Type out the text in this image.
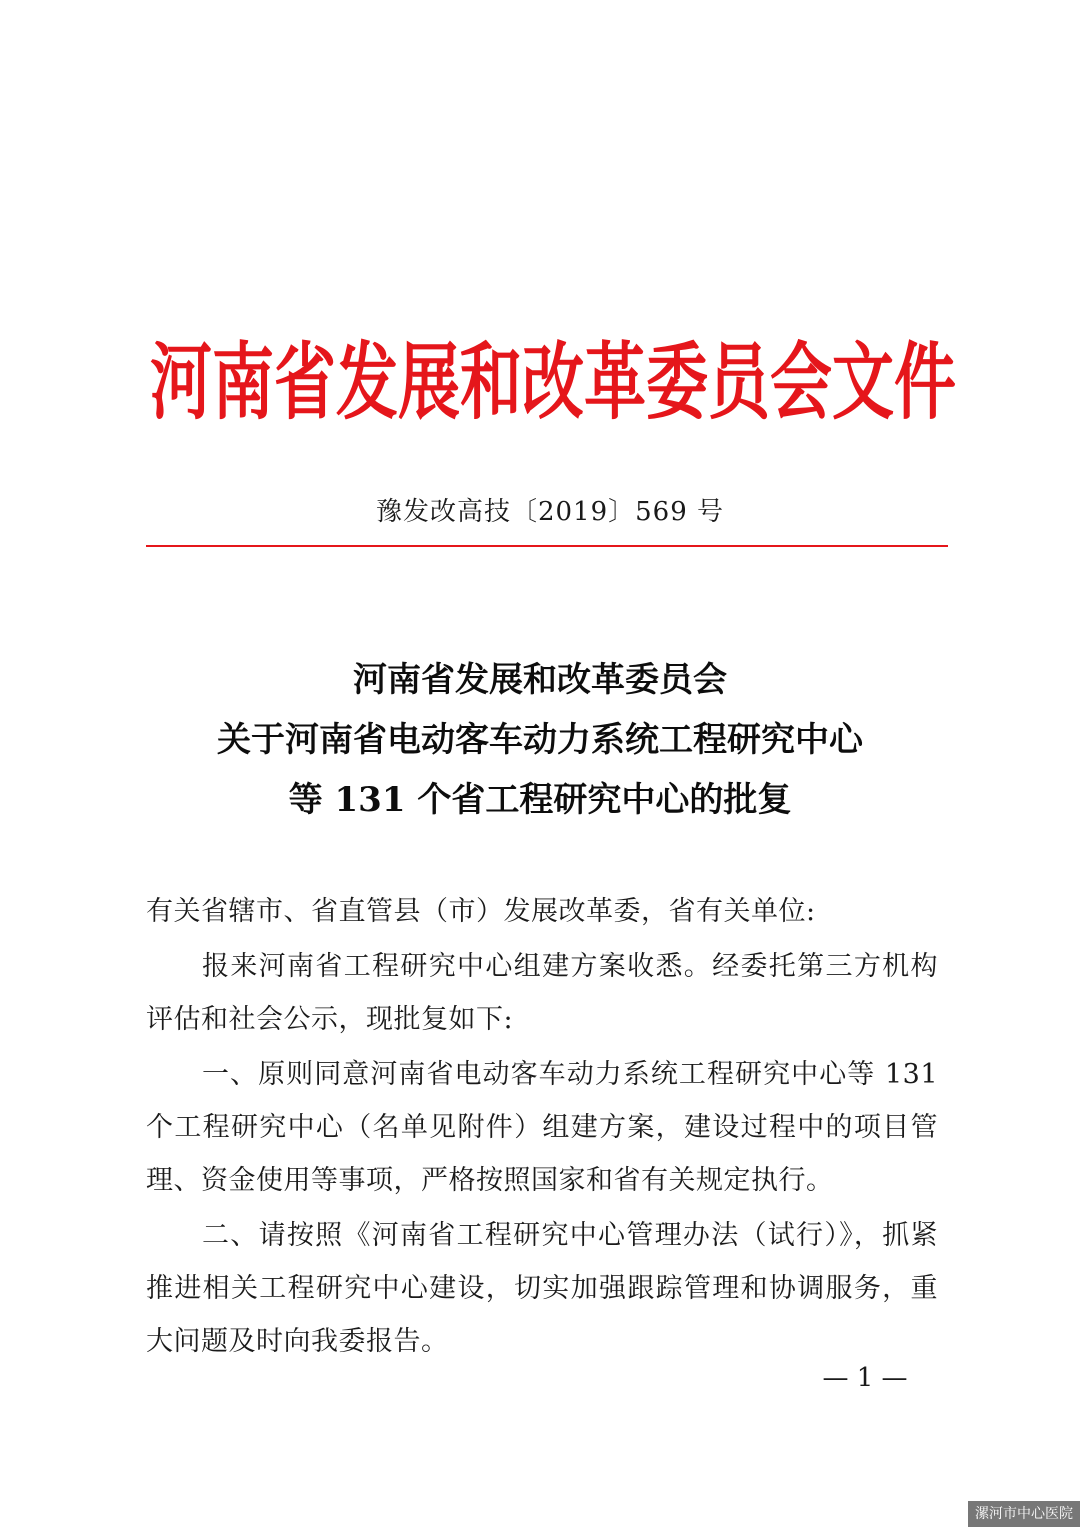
河南省发展和改革委员会文件
豫发改高技〔2019〕569 号
河南省发展和改革委员会
关于河南省电动客车动力系统工程研究中心
等 131 个省工程研究中心的批复

有关省辖市、省直管县（市）发展改革委，省有关单位:

报来河南省工程研究中心组建方案收悉。经委托第三方机构评估和社会公示，现批复如下:

一、原则同意河南省电动客车动力系统工程研究中心等 131 个工程研究中心（名单见附件）组建方案，建设过程中的项目管理、资金使用等事项，严格按照国家和省有关规定执行。

二、请按照《河南省工程研究中心管理办法（试行）》，抓紧推进相关工程研究中心建设，切实加强跟踪管理和协调服务，重大问题及时向我委报告。

— 1 —
漯河市中心医院
